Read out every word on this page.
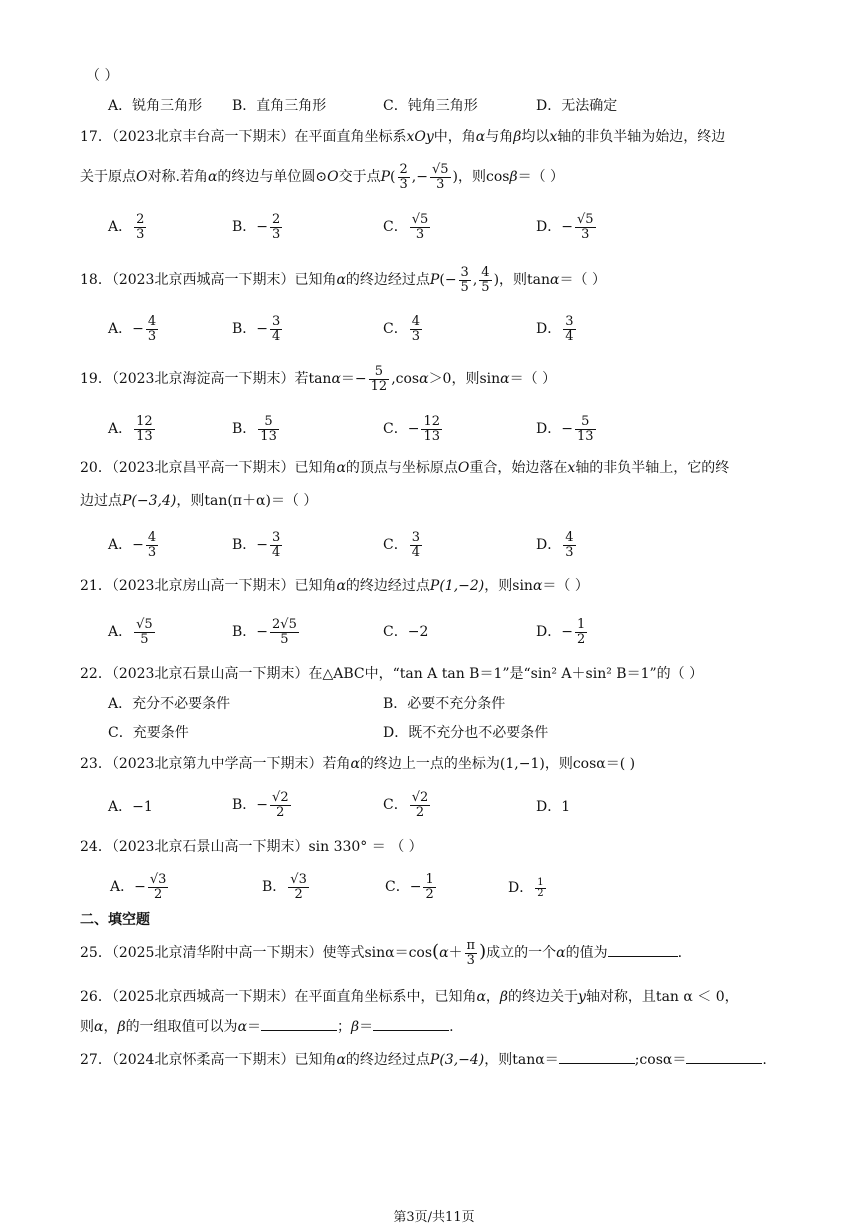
（ ）
A．锐角三角形 B．直角三角形	C．钝角三角形	D．无法确定
17．（2023北京丰台高一下期末）在平面直角坐标系xOy中，角α与角β均以x轴的非负半轴为始边，终边
关于原点O对称.若角α的终边与单位圆⊙O交于点$P( \frac{2}{3}$ ,− $\frac{√5}{3}$ )，则cosβ＝（ ）
A． $\frac{2}{3}$	B．− $\frac{2}{3}$	C． $\frac{√5}{3}$	D．− $\frac{√5}{3}$
18．（2023北京西城高一下期末）已知角α的终边经过点$P(- \frac{3}{5}$ , $\frac{4}{5}$ )，则tanα＝（ ）
A．− $\frac{4}{3}$	B．− $\frac{3}{4}$	C． $\frac{4}{3}$	D． $\frac{3}{4}$
19．（2023北京海淀高一下期末）若$\tan\alpha=- \frac{5}{12} ,\cos\alpha>0$，则sinα＝（ ）
A． $\frac{12}{13}$	B． $\frac{5}{13}$	C．− $\frac{12}{13}$	D．− $\frac{5}{13}$
20．（2023北京昌平高一下期末）已知角α的顶点与坐标原点O重合，始边落在x轴的非负半轴上，它的终
边过点P(−3,4)，则tan(π＋α)＝（ ）
A．− $\frac{4}{3}$	B．− $\frac{3}{4}$	C． $\frac{3}{4}$	D． $\frac{4}{3}$
21．（2023北京房山高一下期末）已知角α的终边经过点P(1,−2)，则sinα＝（ ）
A． $\frac{√5}{5}$	B．− $\frac{2√5}{5}$	C．−2	D．− $\frac{1}{2}$
22．（2023北京石景山高一下期末）在△ABC中，“tan A tan B＝1”是“sin² A＋sin² B＝1”的（ ）
A．充分不必要条件	B．必要不充分条件
C．充要条件	D．既不充分也不必要条件
23．（2023北京第九中学高一下期末）若角α的终边上一点的坐标为(1,−1)，则cosα＝( )
A．−1	B．− $\frac{√2}{2}$	C． $\frac{√2}{2}$	D．1
24．（2023北京石景山高一下期末）sin 330° ＝ （ ）
A．− $\frac{√3}{2}$	B． $\frac{√3}{2}$	C．− $\frac{1}{2}$	D． $\frac{1}{2}$
二、填空题
25．（2025北京清华附中高一下期末）使等式$\sin\alpha=\cos(\alpha+ \frac{\pi}{3}$ )成立的一个α的值为	.
26．（2025北京西城高一下期末）在平面直角坐标系中，已知角α，β的终边关于y轴对称，且tan α ＜ 0，
则α，β的一组取值可以为α＝	；β＝	.
27．（2024北京怀柔高一下期末）已知角α的终边经过点P(3,−4)，则tanα＝	;cosα＝	.
第3页/共11页
